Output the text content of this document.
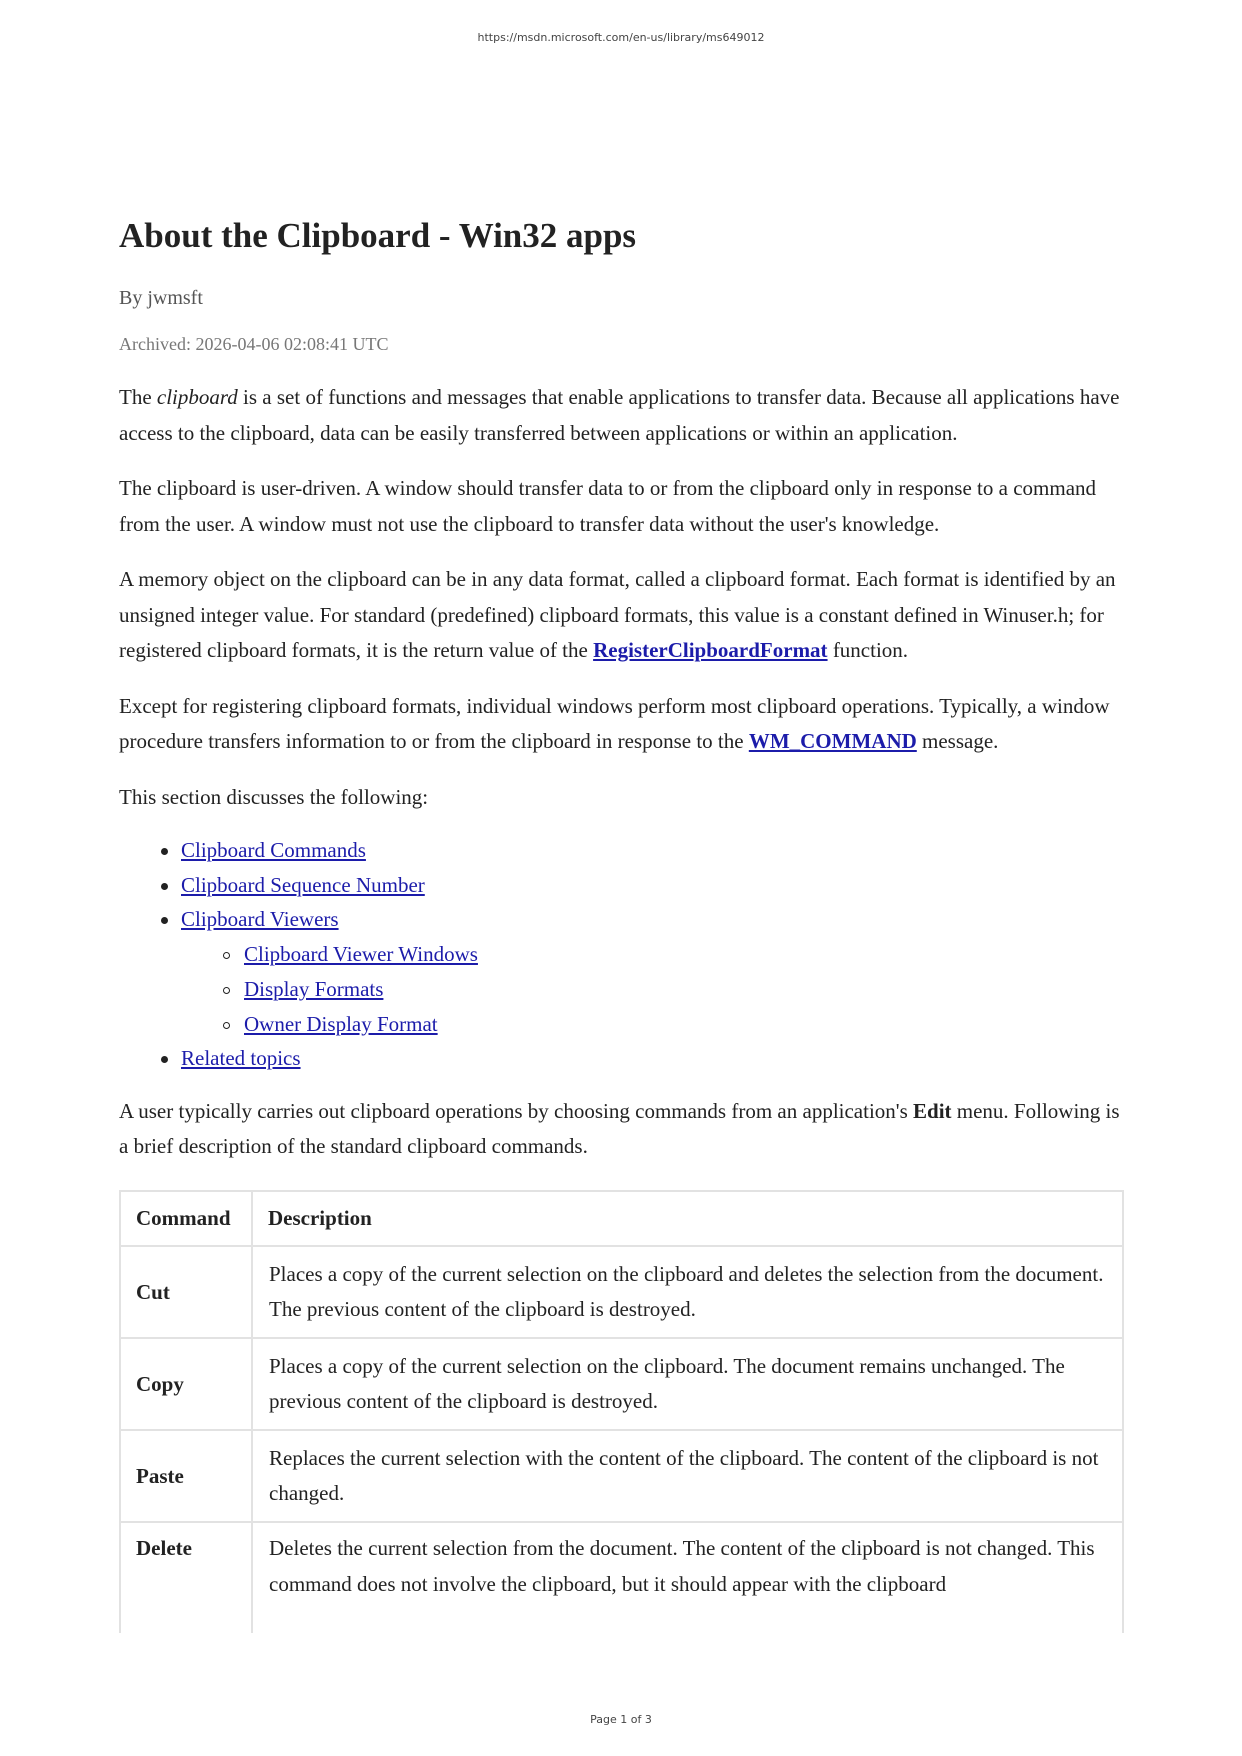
https://msdn.microsoft.com/en-us/library/ms649012
About the Clipboard - Win32 apps
By jwmsft
Archived: 2026-04-06 02:08:41 UTC

The clipboard is a set of functions and messages that enable applications to transfer data. Because all applications have access to the clipboard, data can be easily transferred between applications or within an application.

The clipboard is user-driven. A window should transfer data to or from the clipboard only in response to a command from the user. A window must not use the clipboard to transfer data without the user's knowledge.

A memory object on the clipboard can be in any data format, called a clipboard format. Each format is identified by an unsigned integer value. For standard (predefined) clipboard formats, this value is a constant defined in Winuser.h; for registered clipboard formats, it is the return value of the RegisterClipboardFormat function.

Except for registering clipboard formats, individual windows perform most clipboard operations. Typically, a window procedure transfers information to or from the clipboard in response to the WM_COMMAND message.

This section discusses the following:

Clipboard Commands
Clipboard Sequence Number
Clipboard Viewers
Clipboard Viewer Windows
Display Formats
Owner Display Format
Related topics

A user typically carries out clipboard operations by choosing commands from an application's Edit menu. Following is a brief description of the standard clipboard commands.

Command	Description
Cut	Places a copy of the current selection on the clipboard and deletes the selection from the document. The previous content of the clipboard is destroyed.
Copy	Places a copy of the current selection on the clipboard. The document remains unchanged. The previous content of the clipboard is destroyed.
Paste	Replaces the current selection with the content of the clipboard. The content of the clipboard is not changed.
Delete	Deletes the current selection from the document. The content of the clipboard is not changed. This command does not involve the clipboard, but it should appear with the clipboard
Page 1 of 3
